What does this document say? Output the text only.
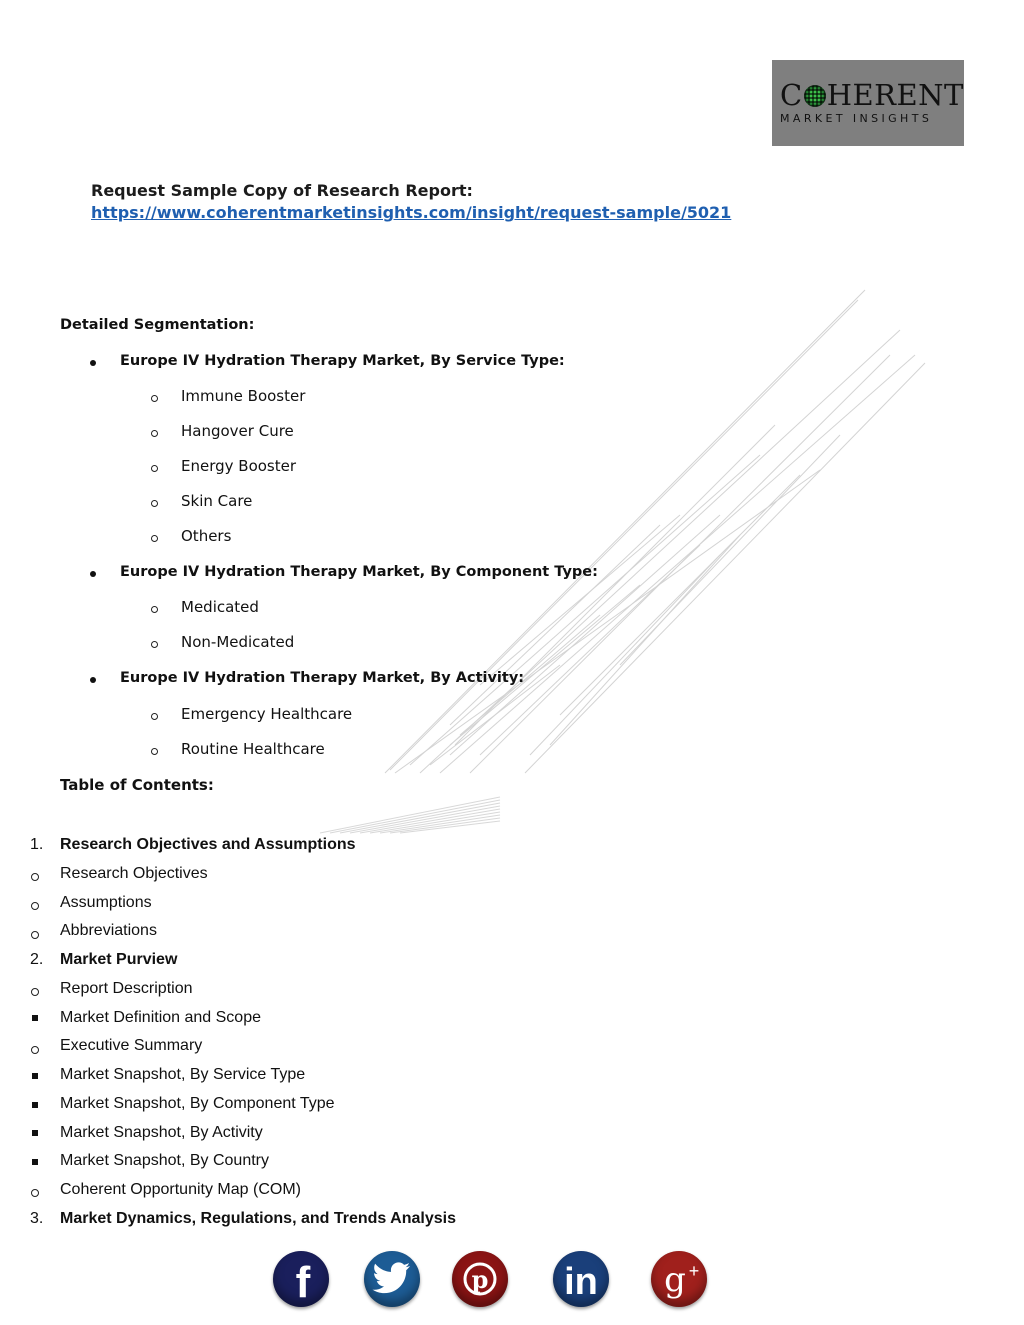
C HERENT
MARKET INSIGHTS
Request Sample Copy of Research Report:
https://www.coherentmarketinsights.com/insight/request-sample/5021
Detailed Segmentation:
Europe IV Hydration Therapy Market, By Service Type:
Immune Booster
Hangover Cure
Energy Booster
Skin Care
Others
Europe IV Hydration Therapy Market, By Component Type:
Medicated
Non-Medicated
Europe IV Hydration Therapy Market, By Activity:
Emergency Healthcare
Routine Healthcare
Table of Contents:
1. Research Objectives and Assumptions
Research Objectives
Assumptions
Abbreviations
2. Market Purview
Report Description
Market Definition and Scope
Executive Summary
Market Snapshot, By Service Type
Market Snapshot, By Component Type
Market Snapshot, By Activity
Market Snapshot, By Country
Coherent Opportunity Map (COM)
3. Market Dynamics, Regulations, and Trends Analysis
f	p in g +
